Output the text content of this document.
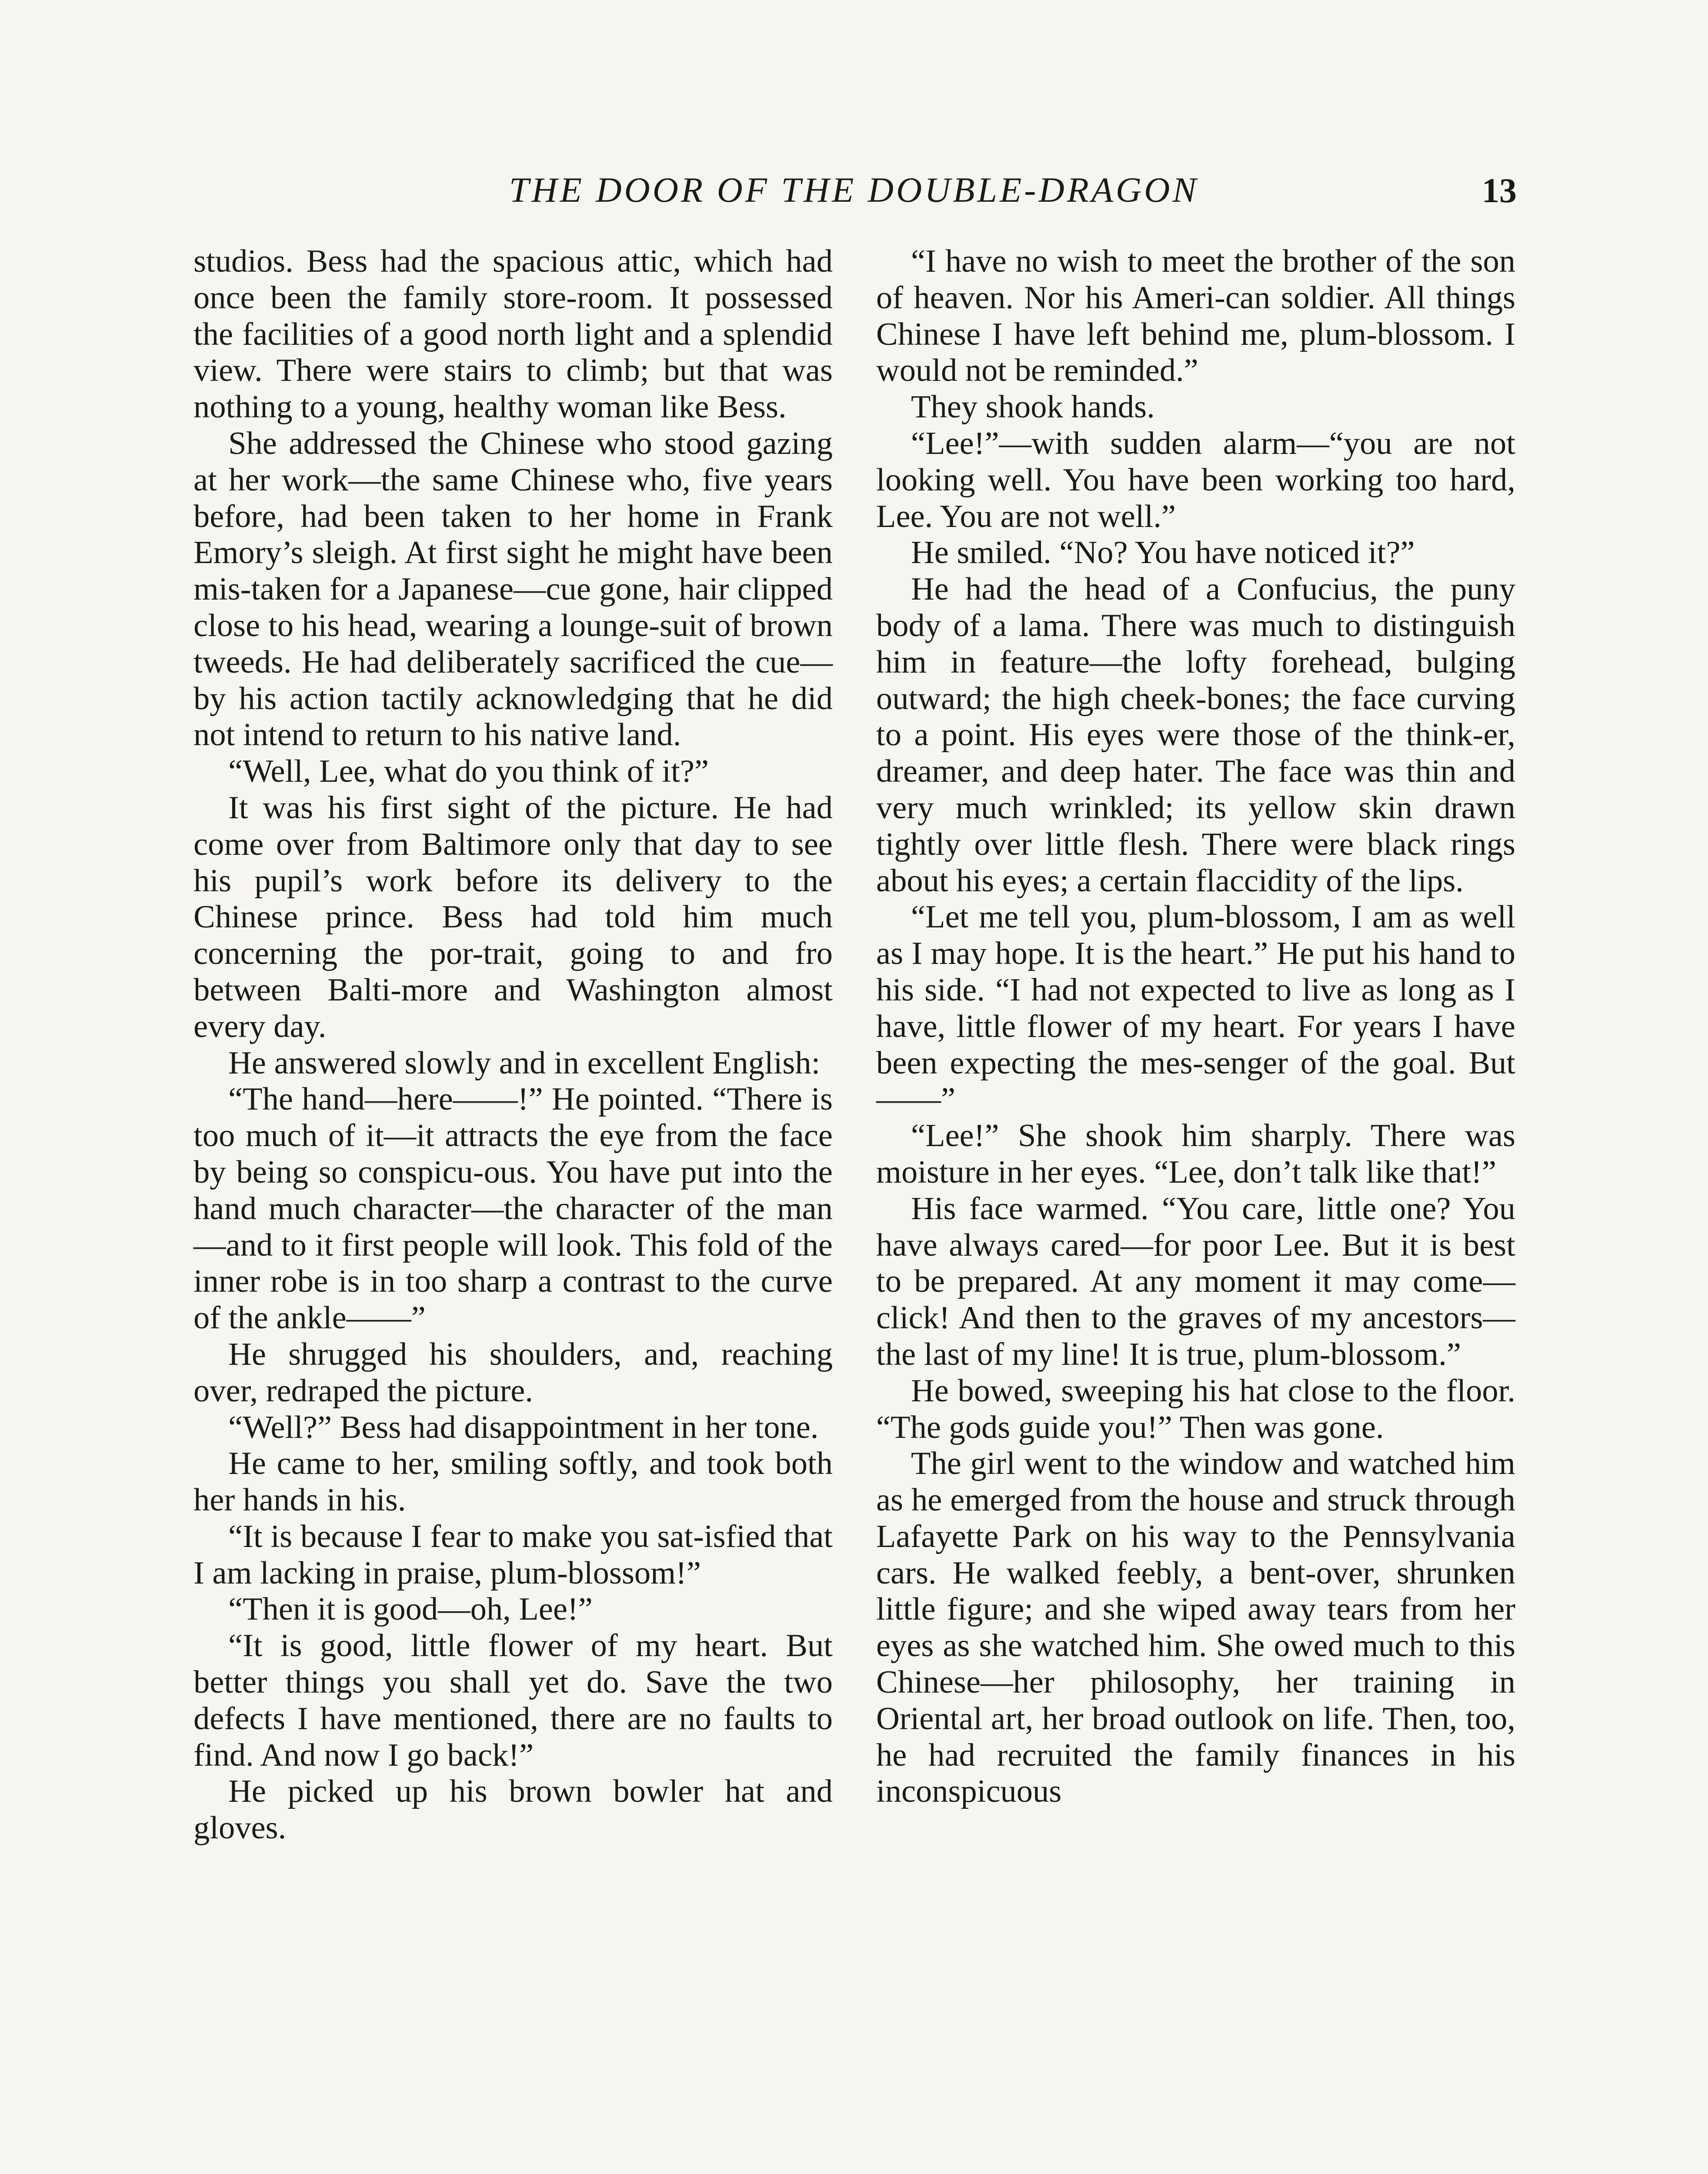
THE DOOR OF THE DOUBLE-DRAGON	13

studios. Bess had the spacious attic, which had once been the family store-room. It possessed the facilities of a good north light and a splendid view. There were stairs to climb; but that was nothing to a young, healthy woman like Bess.

She addressed the Chinese who stood gazing at her work—the same Chinese who, five years before, had been taken to her home in Frank Emory’s sleigh. At first sight he might have been mis-taken for a Japanese—cue gone, hair clipped close to his head, wearing a lounge-suit of brown tweeds. He had deliberately sacrificed the cue—by his action tactily acknowledging that he did not intend to return to his native land.

“Well, Lee, what do you think of it?”

It was his first sight of the picture. He had come over from Baltimore only that day to see his pupil’s work before its delivery to the Chinese prince. Bess had told him much concerning the por-trait, going to and fro between Balti-more and Washington almost every day.

He answered slowly and in excellent English:

“The hand—here——!” He pointed. “There is too much of it—it attracts the eye from the face by being so conspicu-ous. You have put into the hand much character—the character of the man—and to it first people will look. This fold of the inner robe is in too sharp a contrast to the curve of the ankle——”

He shrugged his shoulders, and, reaching over, redraped the picture.

“Well?” Bess had disappointment in her tone.

He came to her, smiling softly, and took both her hands in his.

“It is because I fear to make you sat-isfied that I am lacking in praise, plum-blossom!”

“Then it is good—oh, Lee!”

“It is good, little flower of my heart. But better things you shall yet do. Save the two defects I have mentioned, there are no faults to find. And now I go back!”

He picked up his brown bowler hat and gloves.

“I have no wish to meet the brother of the son of heaven. Nor his Ameri-can soldier. All things Chinese I have left behind me, plum-blossom. I would not be reminded.”

They shook hands.

“Lee!”—with sudden alarm—“you are not looking well. You have been working too hard, Lee. You are not well.”

He smiled. “No? You have noticed it?”

He had the head of a Confucius, the puny body of a lama. There was much to distinguish him in feature—the lofty forehead, bulging outward; the high cheek-bones; the face curving to a point. His eyes were those of the think-er, dreamer, and deep hater. The face was thin and very much wrinkled; its yellow skin drawn tightly over little flesh. There were black rings about his eyes; a certain flaccidity of the lips.

“Let me tell you, plum-blossom, I am as well as I may hope. It is the heart.” He put his hand to his side. “I had not expected to live as long as I have, little flower of my heart. For years I have been expecting the mes-senger of the goal. But——”

“Lee!” She shook him sharply. There was moisture in her eyes. “Lee, don’t talk like that!”

His face warmed. “You care, little one? You have always cared—for poor Lee. But it is best to be prepared. At any moment it may come—click! And then to the graves of my ancestors—the last of my line! It is true, plum-blossom.”

He bowed, sweeping his hat close to the floor. “The gods guide you!” Then was gone.

The girl went to the window and watched him as he emerged from the house and struck through Lafayette Park on his way to the Pennsylvania cars. He walked feebly, a bent-over, shrunken little figure; and she wiped away tears from her eyes as she watched him. She owed much to this Chinese—her philosophy, her training in Oriental art, her broad outlook on life. Then, too, he had recruited the family finances in his inconspicuous
